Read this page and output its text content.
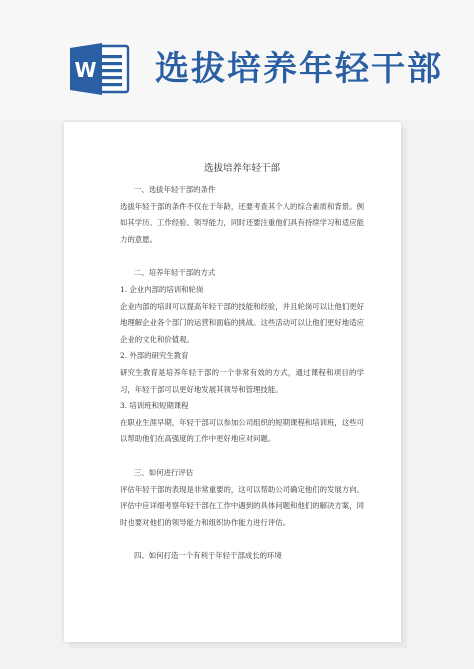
W 选拔培养年轻干部
选拔培养年轻干部
一、选拔年轻干部的条件
选拔年轻干部的条件不仅在于年龄，还要考查其个人的综合素质和背景。例如其学历、工作经验、领导能力，同时还要注重他们具有持续学习和适应能力的意愿。
二、培养年轻干部的方式
1. 企业内部的培训和轮岗
企业内部的培训可以提高年轻干部的技能和经验，并且轮岗可以让他们更好地理解企业各个部门的运营和面临的挑战。这些活动可以让他们更好地适应企业的文化和价值观。
2. 外部的研究生教育
研究生教育是培养年轻干部的一个非常有效的方式，通过课程和项目的学习，年轻干部可以更好地发展其领导和管理技能。
3. 培训班和短期课程
在职业生涯早期，年轻干部可以参加公司组织的短期课程和培训班，这些可以帮助他们在高强度的工作中更好地应对问题。
三、如何进行评估
评估年轻干部的表现是非常重要的，这可以帮助公司确定他们的发展方向。评估中应详细考察年轻干部在工作中遇到的具体问题和他们的解决方案，同时也要对他们的领导能力和组织协作能力进行评估。
四、如何打造一个有利于年轻干部成长的环境
